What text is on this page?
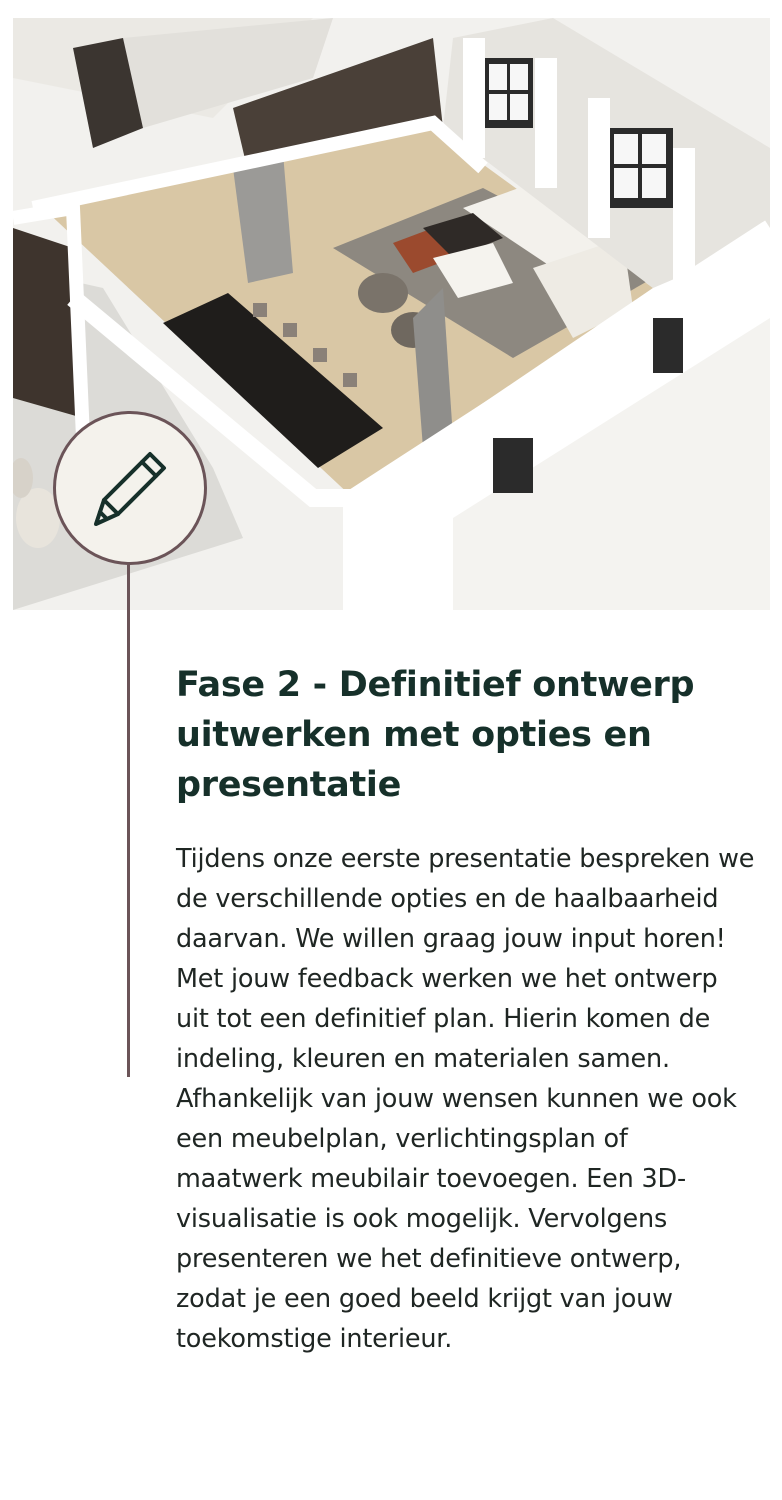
Fase 2 - Definitief ontwerp uitwerken met opties en presentatie

Tijdens onze eerste presentatie bespreken we de verschillende opties en de haalbaarheid daarvan. We willen graag jouw input horen! Met jouw feedback werken we het ontwerp uit tot een definitief plan. Hierin komen de indeling, kleuren en materialen samen. Afhankelijk van jouw wensen kunnen we ook een meubelplan, verlichtingsplan of maatwerk meubilair toevoegen. Een 3D-visualisatie is ook mogelijk. Vervolgens presenteren we het definitieve ontwerp, zodat je een goed beeld krijgt van jouw toekomstige interieur.
